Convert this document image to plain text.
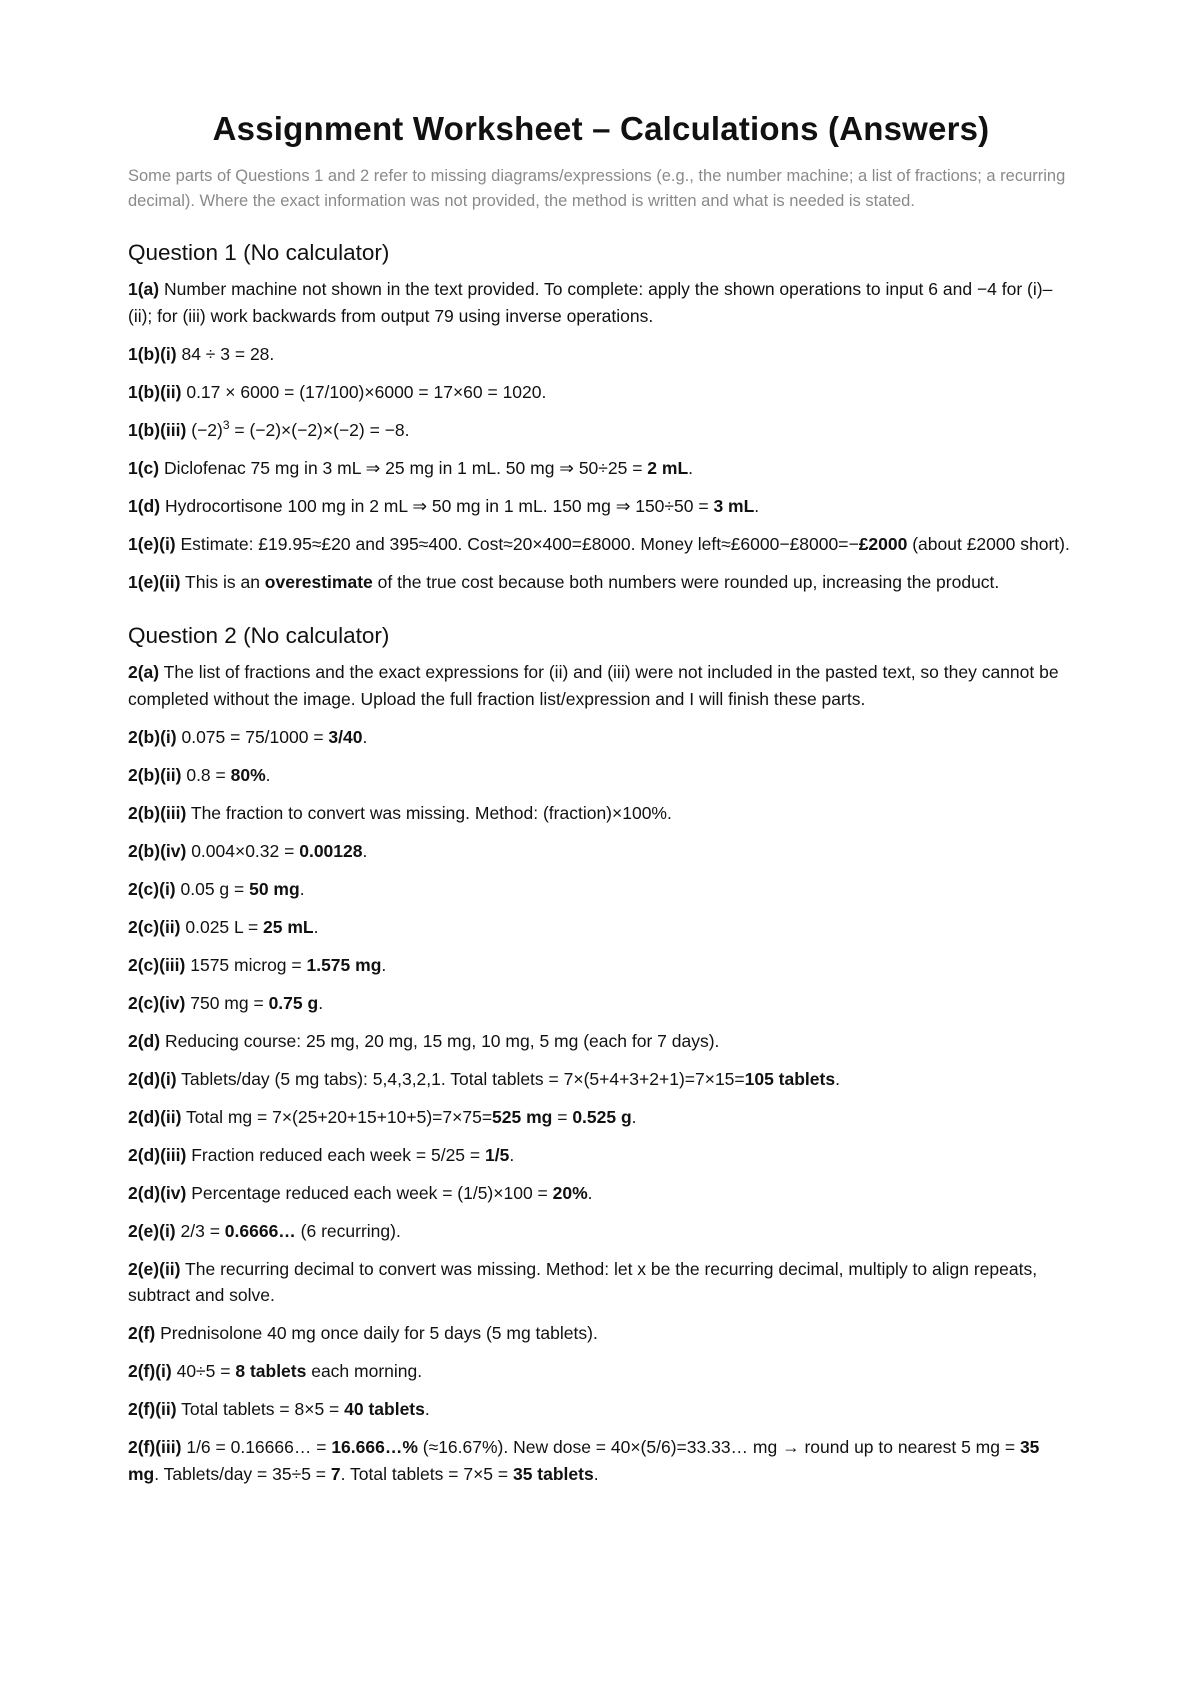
Assignment Worksheet – Calculations (Answers)

Some parts of Questions 1 and 2 refer to missing diagrams/expressions (e.g., the number machine; a list of fractions; a recurring decimal). Where the exact information was not provided, the method is written and what is needed is stated.

Question 1 (No calculator)

1(a) Number machine not shown in the text provided. To complete: apply the shown operations to input 6 and −4 for (i)–(ii); for (iii) work backwards from output 79 using inverse operations.

1(b)(i) 84 ÷ 3 = 28.

1(b)(ii) 0.17 × 6000 = (17/100)×6000 = 17×60 = 1020.

1(b)(iii) $(-2)^3 = (-2)\times(-2)\times(-2) = -8$.

1(c) Diclofenac 75 mg in 3 mL ⇒ 25 mg in 1 mL. 50 mg ⇒ 50÷25 = 2 mL.

1(d) Hydrocortisone 100 mg in 2 mL ⇒ 50 mg in 1 mL. 150 mg ⇒ 150÷50 = 3 mL.

1(e)(i) Estimate: £19.95≈£20 and 395≈400. Cost≈20×400=£8000. Money left≈£6000−£8000=−£2000 (about £2000 short).

1(e)(ii) This is an overestimate of the true cost because both numbers were rounded up, increasing the product.

Question 2 (No calculator)

2(a) The list of fractions and the exact expressions for (ii) and (iii) were not included in the pasted text, so they cannot be completed without the image. Upload the full fraction list/expression and I will finish these parts.

2(b)(i) 0.075 = 75/1000 = 3/40.

2(b)(ii) 0.8 = 80%.

2(b)(iii) The fraction to convert was missing. Method: (fraction)×100%.

2(b)(iv) 0.004×0.32 = 0.00128.

2(c)(i) 0.05 g = 50 mg.

2(c)(ii) 0.025 L = 25 mL.

2(c)(iii) 1575 microg = 1.575 mg.

2(c)(iv) 750 mg = 0.75 g.

2(d) Reducing course: 25 mg, 20 mg, 15 mg, 10 mg, 5 mg (each for 7 days).

2(d)(i) Tablets/day (5 mg tabs): 5,4,3,2,1. Total tablets = 7×(5+4+3+2+1)=7×15=105 tablets.

2(d)(ii) Total mg = 7×(25+20+15+10+5)=7×75=525 mg = 0.525 g.

2(d)(iii) Fraction reduced each week = 5/25 = 1/5.

2(d)(iv) Percentage reduced each week = (1/5)×100 = 20%.

2(e)(i) 2/3 = 0.6666… (6 recurring).

2(e)(ii) The recurring decimal to convert was missing. Method: let x be the recurring decimal, multiply to align repeats, subtract and solve.

2(f) Prednisolone 40 mg once daily for 5 days (5 mg tablets).

2(f)(i) 40÷5 = 8 tablets each morning.

2(f)(ii) Total tablets = 8×5 = 40 tablets.

2(f)(iii) 1/6 = 0.16666… = 16.666…% (≈16.67%). New dose = 40×(5/6)=33.33… mg → round up to nearest 5 mg = 35 mg. Tablets/day = 35÷5 = 7. Total tablets = 7×5 = 35 tablets.
